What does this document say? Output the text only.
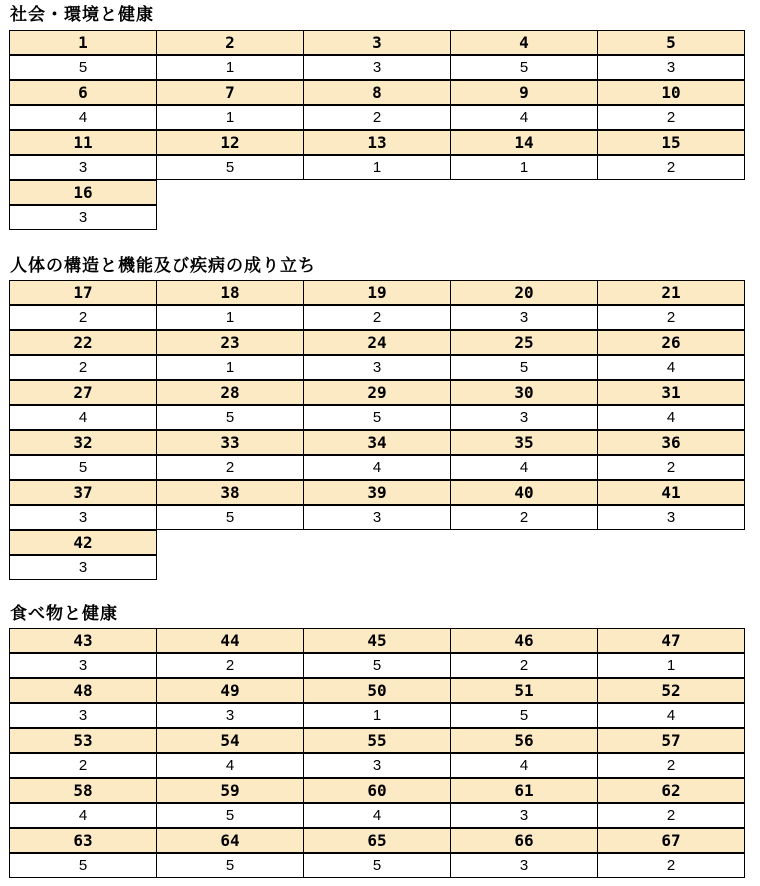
社会・環境と健康
1	2	3	4	5
5	1	3	5	3
6	7	8	9	10
4	1	2	4	2
11	12	13	14	15
3	5	1	1	2
16
3
人体の構造と機能及び疾病の成り立ち
17	18	19	20	21
2	1	2	3	2
22	23	24	25	26
2	1	3	5	4
27	28	29	30	31
4	5	5	3	4
32	33	34	35	36
5	2	4	4	2
37	38	39	40	41
3	5	3	2	3
42
3
食べ物と健康
43	44	45	46	47
3	2	5	2	1
48	49	50	51	52
3	3	1	5	4
53	54	55	56	57
2	4	3	4	2
58	59	60	61	62
4	5	4	3	2
63	64	65	66	67
5	5	5	3	2
